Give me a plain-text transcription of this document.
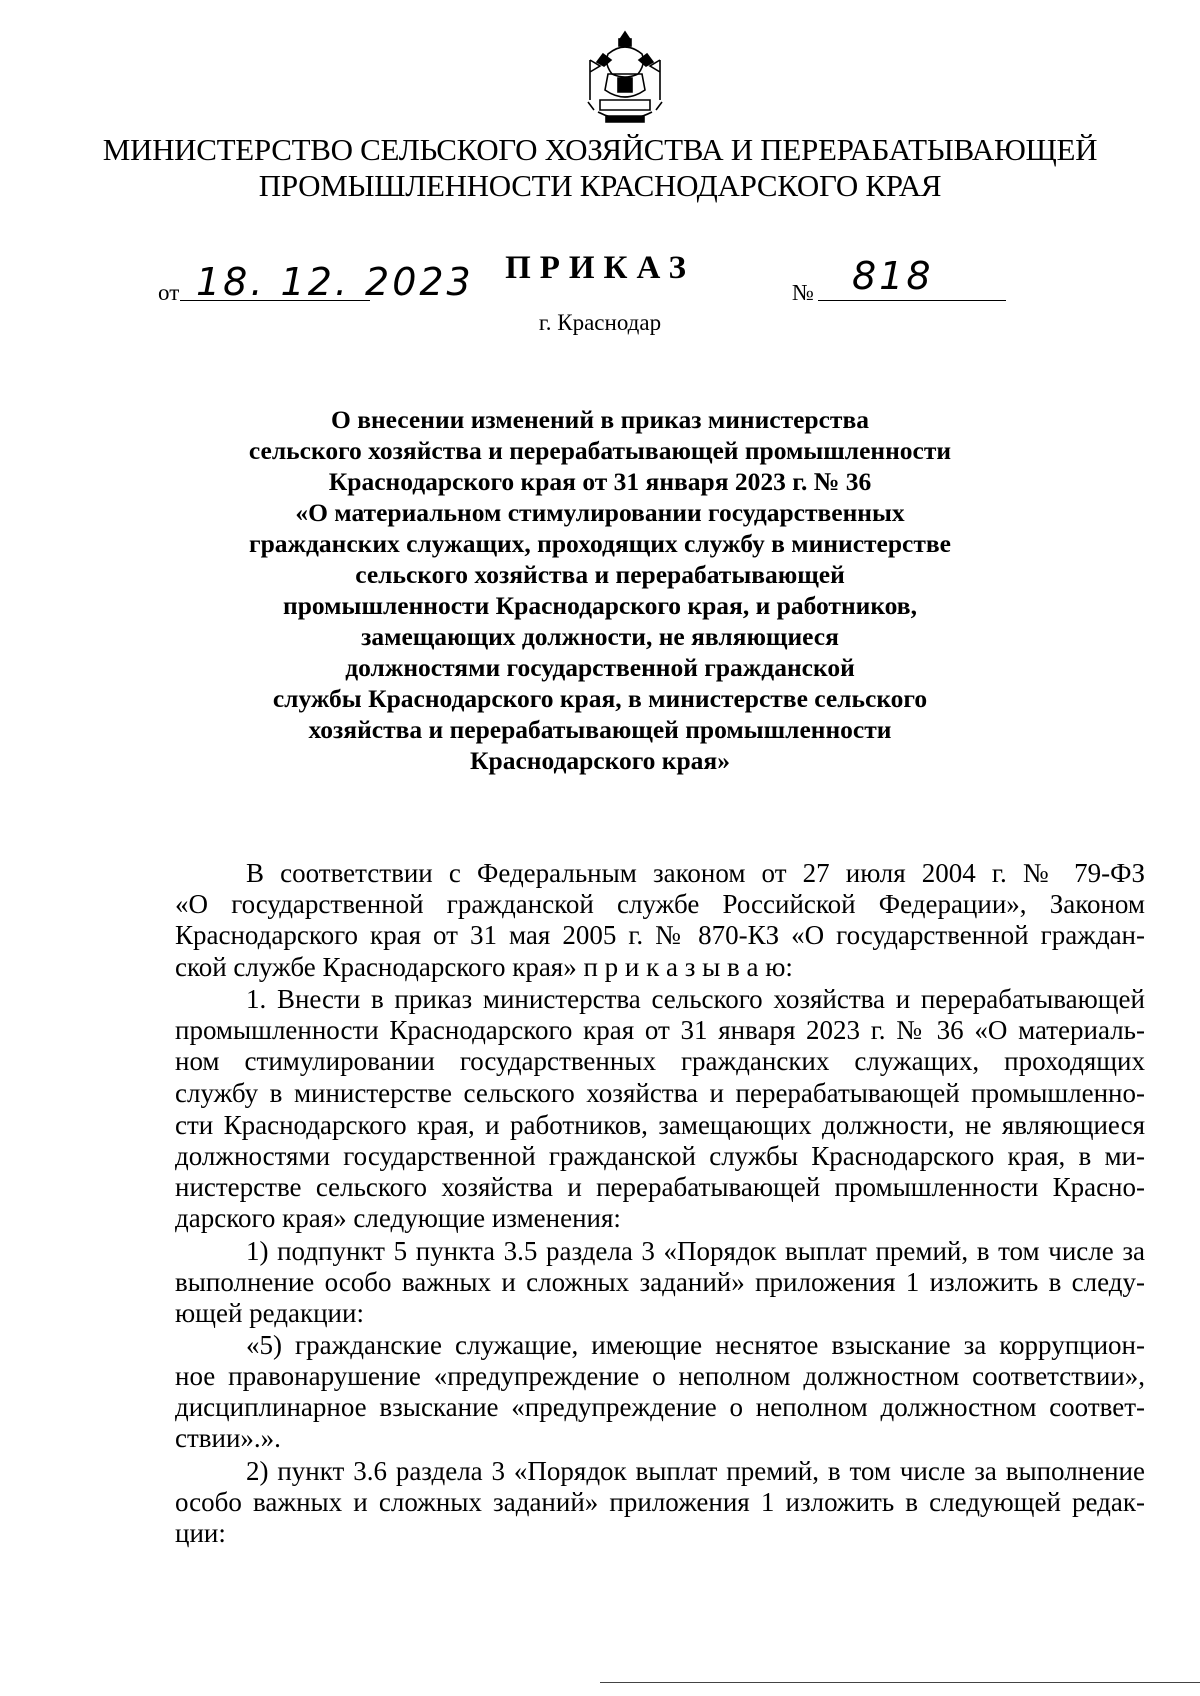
МИНИСТЕРСТВО СЕЛЬСКОГО ХОЗЯЙСТВА И ПЕРЕРАБАТЫВАЮЩЕЙ
ПРОМЫШЛЕННОСТИ КРАСНОДАРСКОГО КРАЯ
ПРИКАЗ
от 18. 12. 2023	№ 818
г. Краснодар
О внесении изменений в приказ министерства
сельского хозяйства и перерабатывающей промышленности
Краснодарского края от 31 января 2023 г. № 36
«О материальном стимулировании государственных
гражданских служащих, проходящих службу в министерстве
сельского хозяйства и перерабатывающей
промышленности Краснодарского края, и работников,
замещающих должности, не являющиеся
должностями государственной гражданской
службы Краснодарского края, в министерстве сельского
хозяйства и перерабатывающей промышленности
Краснодарского края»
В соответствии с Федеральным законом от 27 июля 2004 г. № 79-ФЗ
«О государственной гражданской службе Российской Федерации», Законом
Краснодарского края от 31 мая 2005 г. № 870-КЗ «О государственной граждан-
ской службе Краснодарского края» п р и к а з ы в а ю:
1. Внести в приказ министерства сельского хозяйства и перерабатывающей
промышленности Краснодарского края от 31 января 2023 г. № 36 «О материаль-
ном стимулировании государственных гражданских служащих, проходящих
службу в министерстве сельского хозяйства и перерабатывающей промышленно-
сти Краснодарского края, и работников, замещающих должности, не являющиеся
должностями государственной гражданской службы Краснодарского края, в ми-
нистерстве сельского хозяйства и перерабатывающей промышленности Красно-
дарского края» следующие изменения:
1) подпункт 5 пункта 3.5 раздела 3 «Порядок выплат премий, в том числе за
выполнение особо важных и сложных заданий» приложения 1 изложить в следу-
ющей редакции:
«5) гражданские служащие, имеющие неснятое взыскание за коррупцион-
ное правонарушение «предупреждение о неполном должностном соответствии»,
дисциплинарное взыскание «предупреждение о неполном должностном соответ-
ствии».».
2) пункт 3.6 раздела 3 «Порядок выплат премий, в том числе за выполнение
особо важных и сложных заданий» приложения 1 изложить в следующей редак-
ции:
